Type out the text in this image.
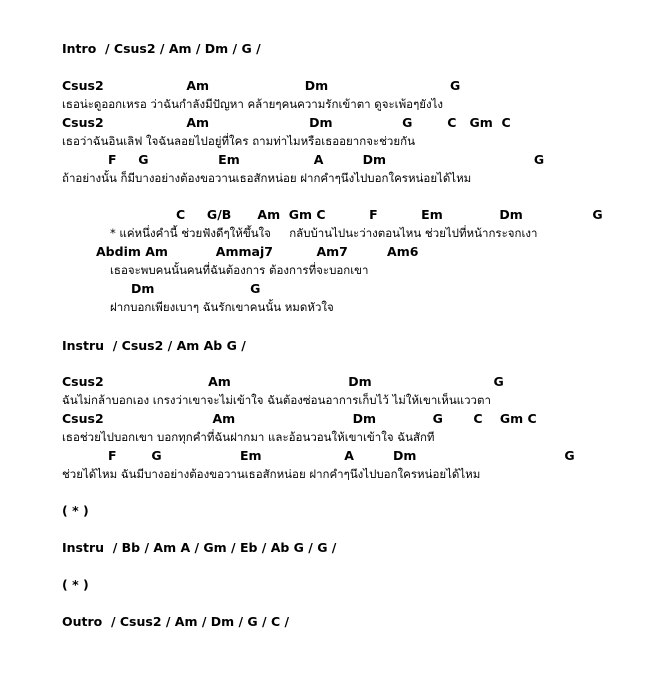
Intro  / Csus2 / Am / Dm / G /
Csus2                   Am                      Dm                            G
เธอน่ะดูออกเหรอ ว่าฉันกำลังมีปัญหา คล้ายๆคนความรักเข้าตา ดูจะเพ้อๆยังไง
Csus2                   Am                       Dm                G        C   Gm  C
เธอว่าฉันอินเลิฟ ใจฉันลอยไปอยู่ที่ใคร ถามท่าไมหรือเธออยากจะช่วยกัน
F     G                Em                 A         Dm                                  G
ถ้าอย่างนั้น ก็มีบางอย่างต้องขอวานเธอสักหน่อย ฝากคำๆนึงไปบอกใครหน่อยได้ไหม
C     G/B      Am  Gm C          F          Em             Dm                G
* แค่หนึ่งคำนี้ ช่วยฟังดีๆให้ขึ้นใจ     กลับบ้านไปนะว่างตอนไหน ช่วยไปที่หน้ากระจกเงา
Abdim Am           Ammaj7          Am7         Am6
เธอจะพบคนนั้นคนที่ฉันต้องการ ต้องการที่จะบอกเขา
Dm                      G
ฝากบอกเพียงเบาๆ ฉันรักเขาคนนั้น หมดหัวใจ
Instru  / Csus2 / Am Ab G /
Csus2                        Am                           Dm                            G
ฉันไม่กล้าบอกเอง เกรงว่าเขาจะไม่เข้าใจ ฉันต้องซ่อนอาการเก็บไว้ ไม่ให้เขาเห็นแววตา
Csus2                         Am                           Dm             G       C    Gm C
เธอช่วยไปบอกเขา บอกทุกคำที่ฉันฝากมา และอ้อนวอนให้เขาเข้าใจ ฉันสักที
F        G                  Em                   A         Dm                                  G
ช่วยได้ไหม ฉันมีบางอย่างต้องขอวานเธอสักหน่อย ฝากคำๆนึงไปบอกใครหน่อยได้ไหม
( * )
Instru  / Bb / Am A / Gm / Eb / Ab G / G /
( * )
Outro  / Csus2 / Am / Dm / G / C /
